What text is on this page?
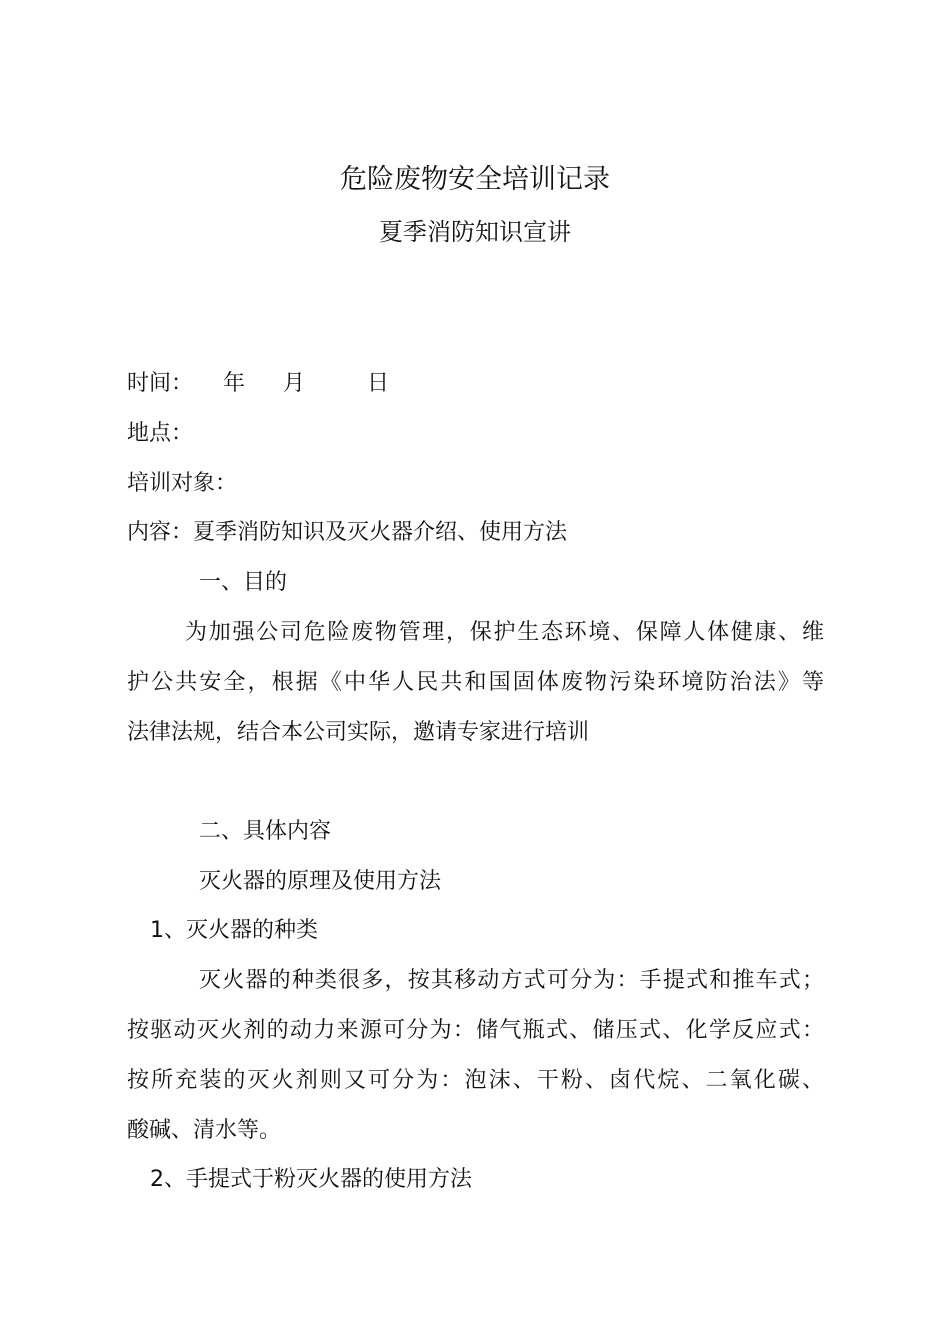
危险废物安全培训记录
夏季消防知识宣讲
时间： 年 月	日
地点：
培训对象：
内容：夏季消防知识及灭火器介绍、使用方法
一、目的
为加强公司危险废物管理，保护生态环境、保障人体健康、维
护公共安全，根据《中华人民共和国固体废物污染环境防治法》等
法律法规，结合本公司实际，邀请专家进行培训
二、具体内容
灭火器的原理及使用方法
1、灭火器的种类
灭火器的种类很多，按其移动方式可分为：手提式和推车式；
按驱动灭火剂的动力来源可分为：储气瓶式、储压式、化学反应式：
按所充装的灭火剂则又可分为：泡沫、干粉、卤代烷、二氧化碳、
酸碱、清水等。
2、手提式于粉灭火器的使用方法
